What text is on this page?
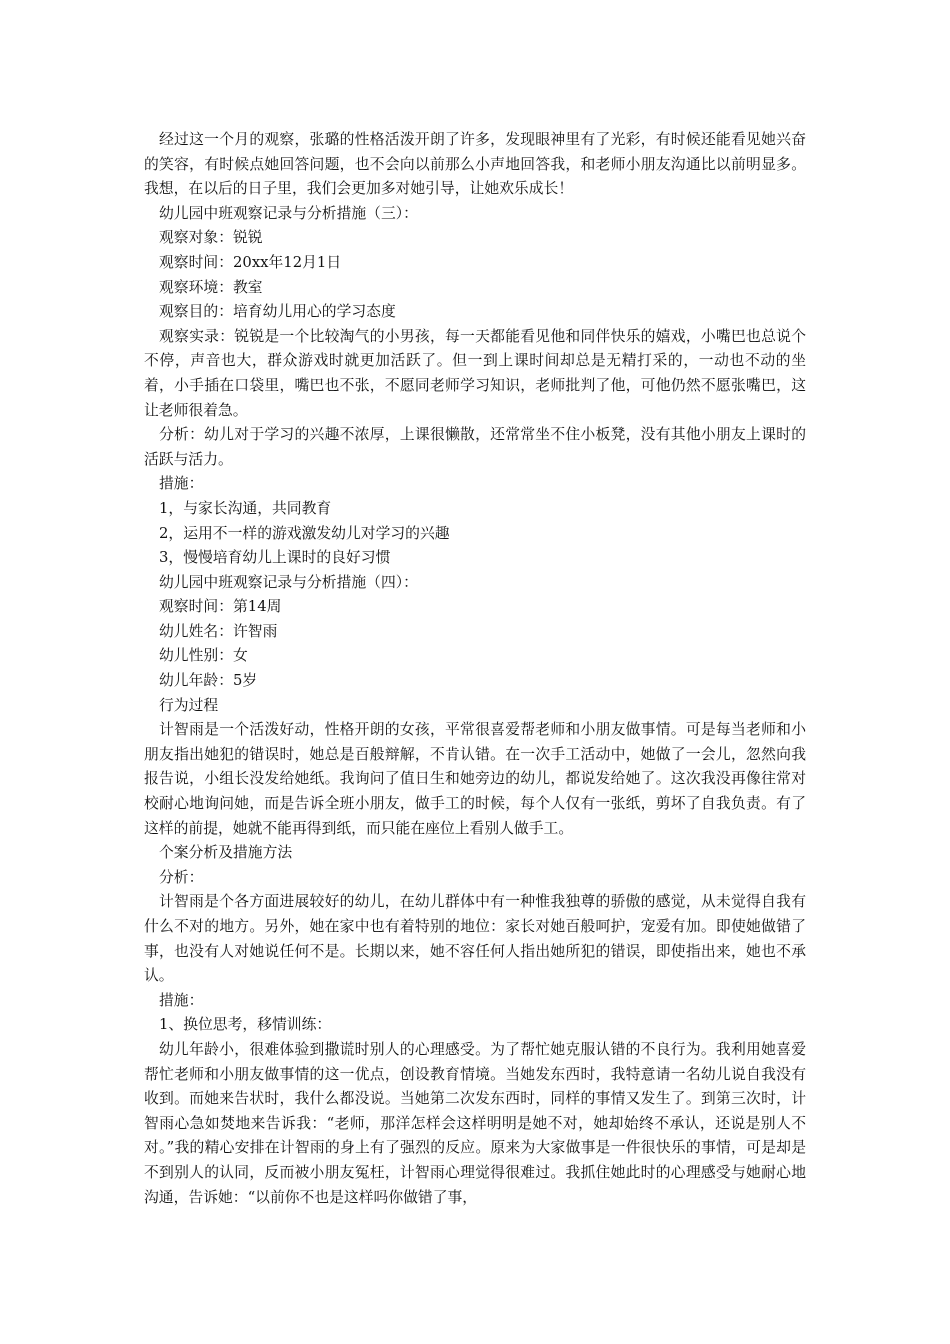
经过这一个月的观察，张璐的性格活泼开朗了许多，发现眼神里有了光彩，有时候还能看见她兴奋的笑容，有时候点她回答问题，也不会向以前那么小声地回答我，和老师小朋友沟通比以前明显多。我想，在以后的日子里，我们会更加多对她引导，让她欢乐成长！

幼儿园中班观察记录与分析措施（三）：

观察对象：锐锐

观察时间：20xx年12月1日

观察环境：教室

观察目的：培育幼儿用心的学习态度

观察实录：锐锐是一个比较淘气的小男孩，每一天都能看见他和同伴快乐的嬉戏，小嘴巴也总说个不停，声音也大，群众游戏时就更加活跃了。但一到上课时间却总是无精打采的，一动也不动的坐着，小手插在口袋里，嘴巴也不张，不愿同老师学习知识，老师批判了他，可他仍然不愿张嘴巴，这让老师很着急。

分析：幼儿对于学习的兴趣不浓厚，上课很懒散，还常常坐不住小板凳，没有其他小朋友上课时的活跃与活力。

措施：

1，与家长沟通，共同教育

2，运用不一样的游戏激发幼儿对学习的兴趣

3，慢慢培育幼儿上课时的良好习惯

幼儿园中班观察记录与分析措施（四）：

观察时间：第14周

幼儿姓名：许智雨

幼儿性别：女

幼儿年龄：5岁

行为过程

计智雨是一个活泼好动，性格开朗的女孩，平常很喜爱帮老师和小朋友做事情。可是每当老师和小朋友指出她犯的错误时，她总是百般辩解，不肯认错。在一次手工活动中，她做了一会儿，忽然向我报告说，小组长没发给她纸。我询问了值日生和她旁边的幼儿，都说发给她了。这次我没再像往常对校耐心地询问她，而是告诉全班小朋友，做手工的时候，每个人仅有一张纸，剪坏了自我负责。有了这样的前提，她就不能再得到纸，而只能在座位上看别人做手工。

个案分析及措施方法

分析：

计智雨是个各方面进展较好的幼儿，在幼儿群体中有一种惟我独尊的骄傲的感觉，从未觉得自我有什么不对的地方。另外，她在家中也有着特别的地位：家长对她百般呵护，宠爱有加。即使她做错了事，也没有人对她说任何不是。长期以来，她不容任何人指出她所犯的错误，即使指出来，她也不承认。

措施：

1、换位思考，移情训练：

幼儿年龄小，很难体验到撒谎时别人的心理感受。为了帮忙她克服认错的不良行为。我利用她喜爱帮忙老师和小朋友做事情的这一优点，创设教育情境。当她发东西时，我特意请一名幼儿说自我没有收到。而她来告状时，我什么都没说。当她第二次发东西时，同样的事情又发生了。到第三次时，计智雨心急如焚地来告诉我：“老师，那洋怎样会这样明明是她不对，她却始终不承认，还说是别人不对。”我的精心安排在计智雨的身上有了强烈的反应。原来为大家做事是一件很快乐的事情，可是却是不到别人的认同，反而被小朋友冤枉，计智雨心理觉得很难过。我抓住她此时的心理感受与她耐心地沟通，告诉她：“以前你不也是这样吗你做错了事，
